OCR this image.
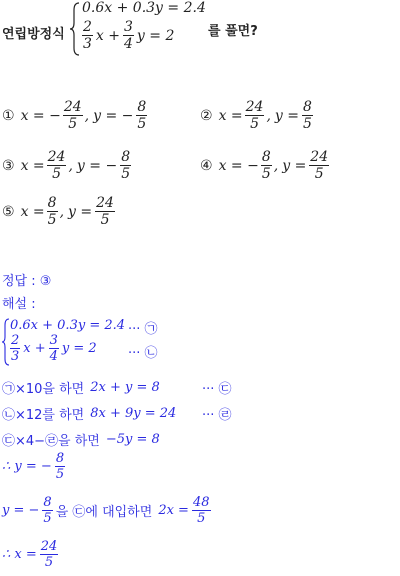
연립방정식
0.6x + 0.3y = 2.4
$\frac{2}{3}$ $x + \frac{3}{4}$ y = 2	를 풀면?
① x = − $\frac{24}{5}$ , y = − $\frac{8}{5}$	② $x = \frac{24}{5}$ , $y = \frac{8}{5}$
③ $x = \frac{24}{5}$ , y = − $\frac{8}{5}$	④ x = − $\frac{8}{5}$ , $y = \frac{24}{5}$
⑤ $x = \frac{8}{5}$ , $y = \frac{24}{5}$
정답 : ③
해설 :
0.6x + 0.3y = 2.4 ··· ㉠
$\frac{2}{3}$ $x + \frac{3}{4}$ y = 2 ··· ㉡
㉠×10을 하면 2x + y = 8	··· ㉢
㉡×12를 하면 8x + 9y = 24 ··· ㉣
㉢×4−㉣을 하면 −5y = 8
∴ y = − $\frac{8}{5}$
y = − $\frac{8}{5}$ 을 ㉢에 대입하면 $2x = \frac{48}{5}$
∴ $x = \frac{24}{5}$
